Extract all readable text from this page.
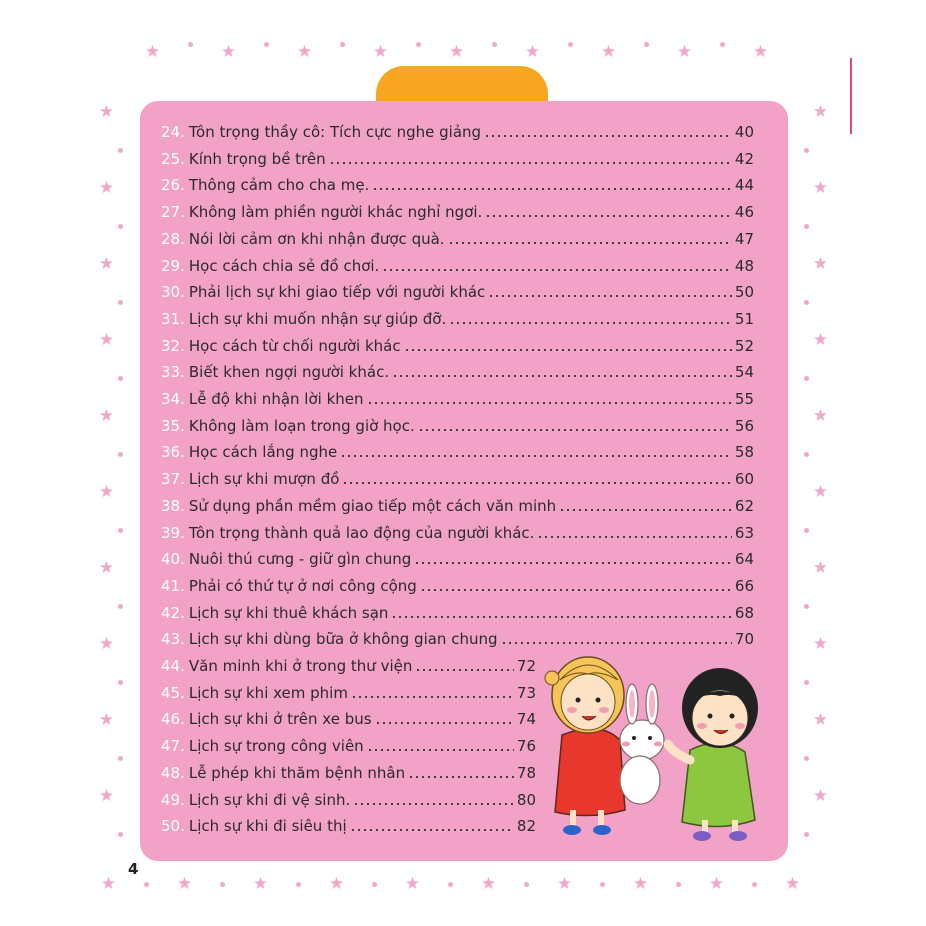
★	★	★	★	★	★	★	★	★
★	★	★	★	★	★	★	★	★	★
★
★
★
★
★
★
★
★
★
★
★
★
★
★
★
★
★
★
★
★
24. Tôn trọng thầy cô: Tích cực nghe giảng	40
25. Kính trọng bề trên	42
26. Thông cảm cho cha mẹ.	44
27. Không làm phiền người khác nghỉ ngơi.	46
28. Nói lời cảm ơn khi nhận được quà.	47
29. Học cách chia sẻ đồ chơi.	48
30. Phải lịch sự khi giao tiếp với người khác	50
31. Lịch sự khi muốn nhận sự giúp đỡ.	51
32. Học cách từ chối người khác	52
33. Biết khen ngợi người khác.	54
34. Lễ độ khi nhận lời khen	55
35. Không làm loạn trong giờ học.	56
36. Học cách lắng nghe	58
37. Lịch sự khi mượn đồ	60
38. Sử dụng phần mềm giao tiếp một cách văn minh	62
39. Tôn trọng thành quả lao động của người khác.	63
40. Nuôi thú cưng - giữ gìn chung	64
41. Phải có thứ tự ở nơi công cộng	66
42. Lịch sự khi thuê khách sạn	68
43. Lịch sự khi dùng bữa ở không gian chung	70
44. Văn minh khi ở trong thư viện	72
45. Lịch sự khi xem phim	73
46. Lịch sự khi ở trên xe bus	74
47. Lịch sự trong công viên	76
48. Lễ phép khi thăm bệnh nhân	78
49. Lịch sự khi đi vệ sinh.	80
50. Lịch sự khi đi siêu thị	82
4
